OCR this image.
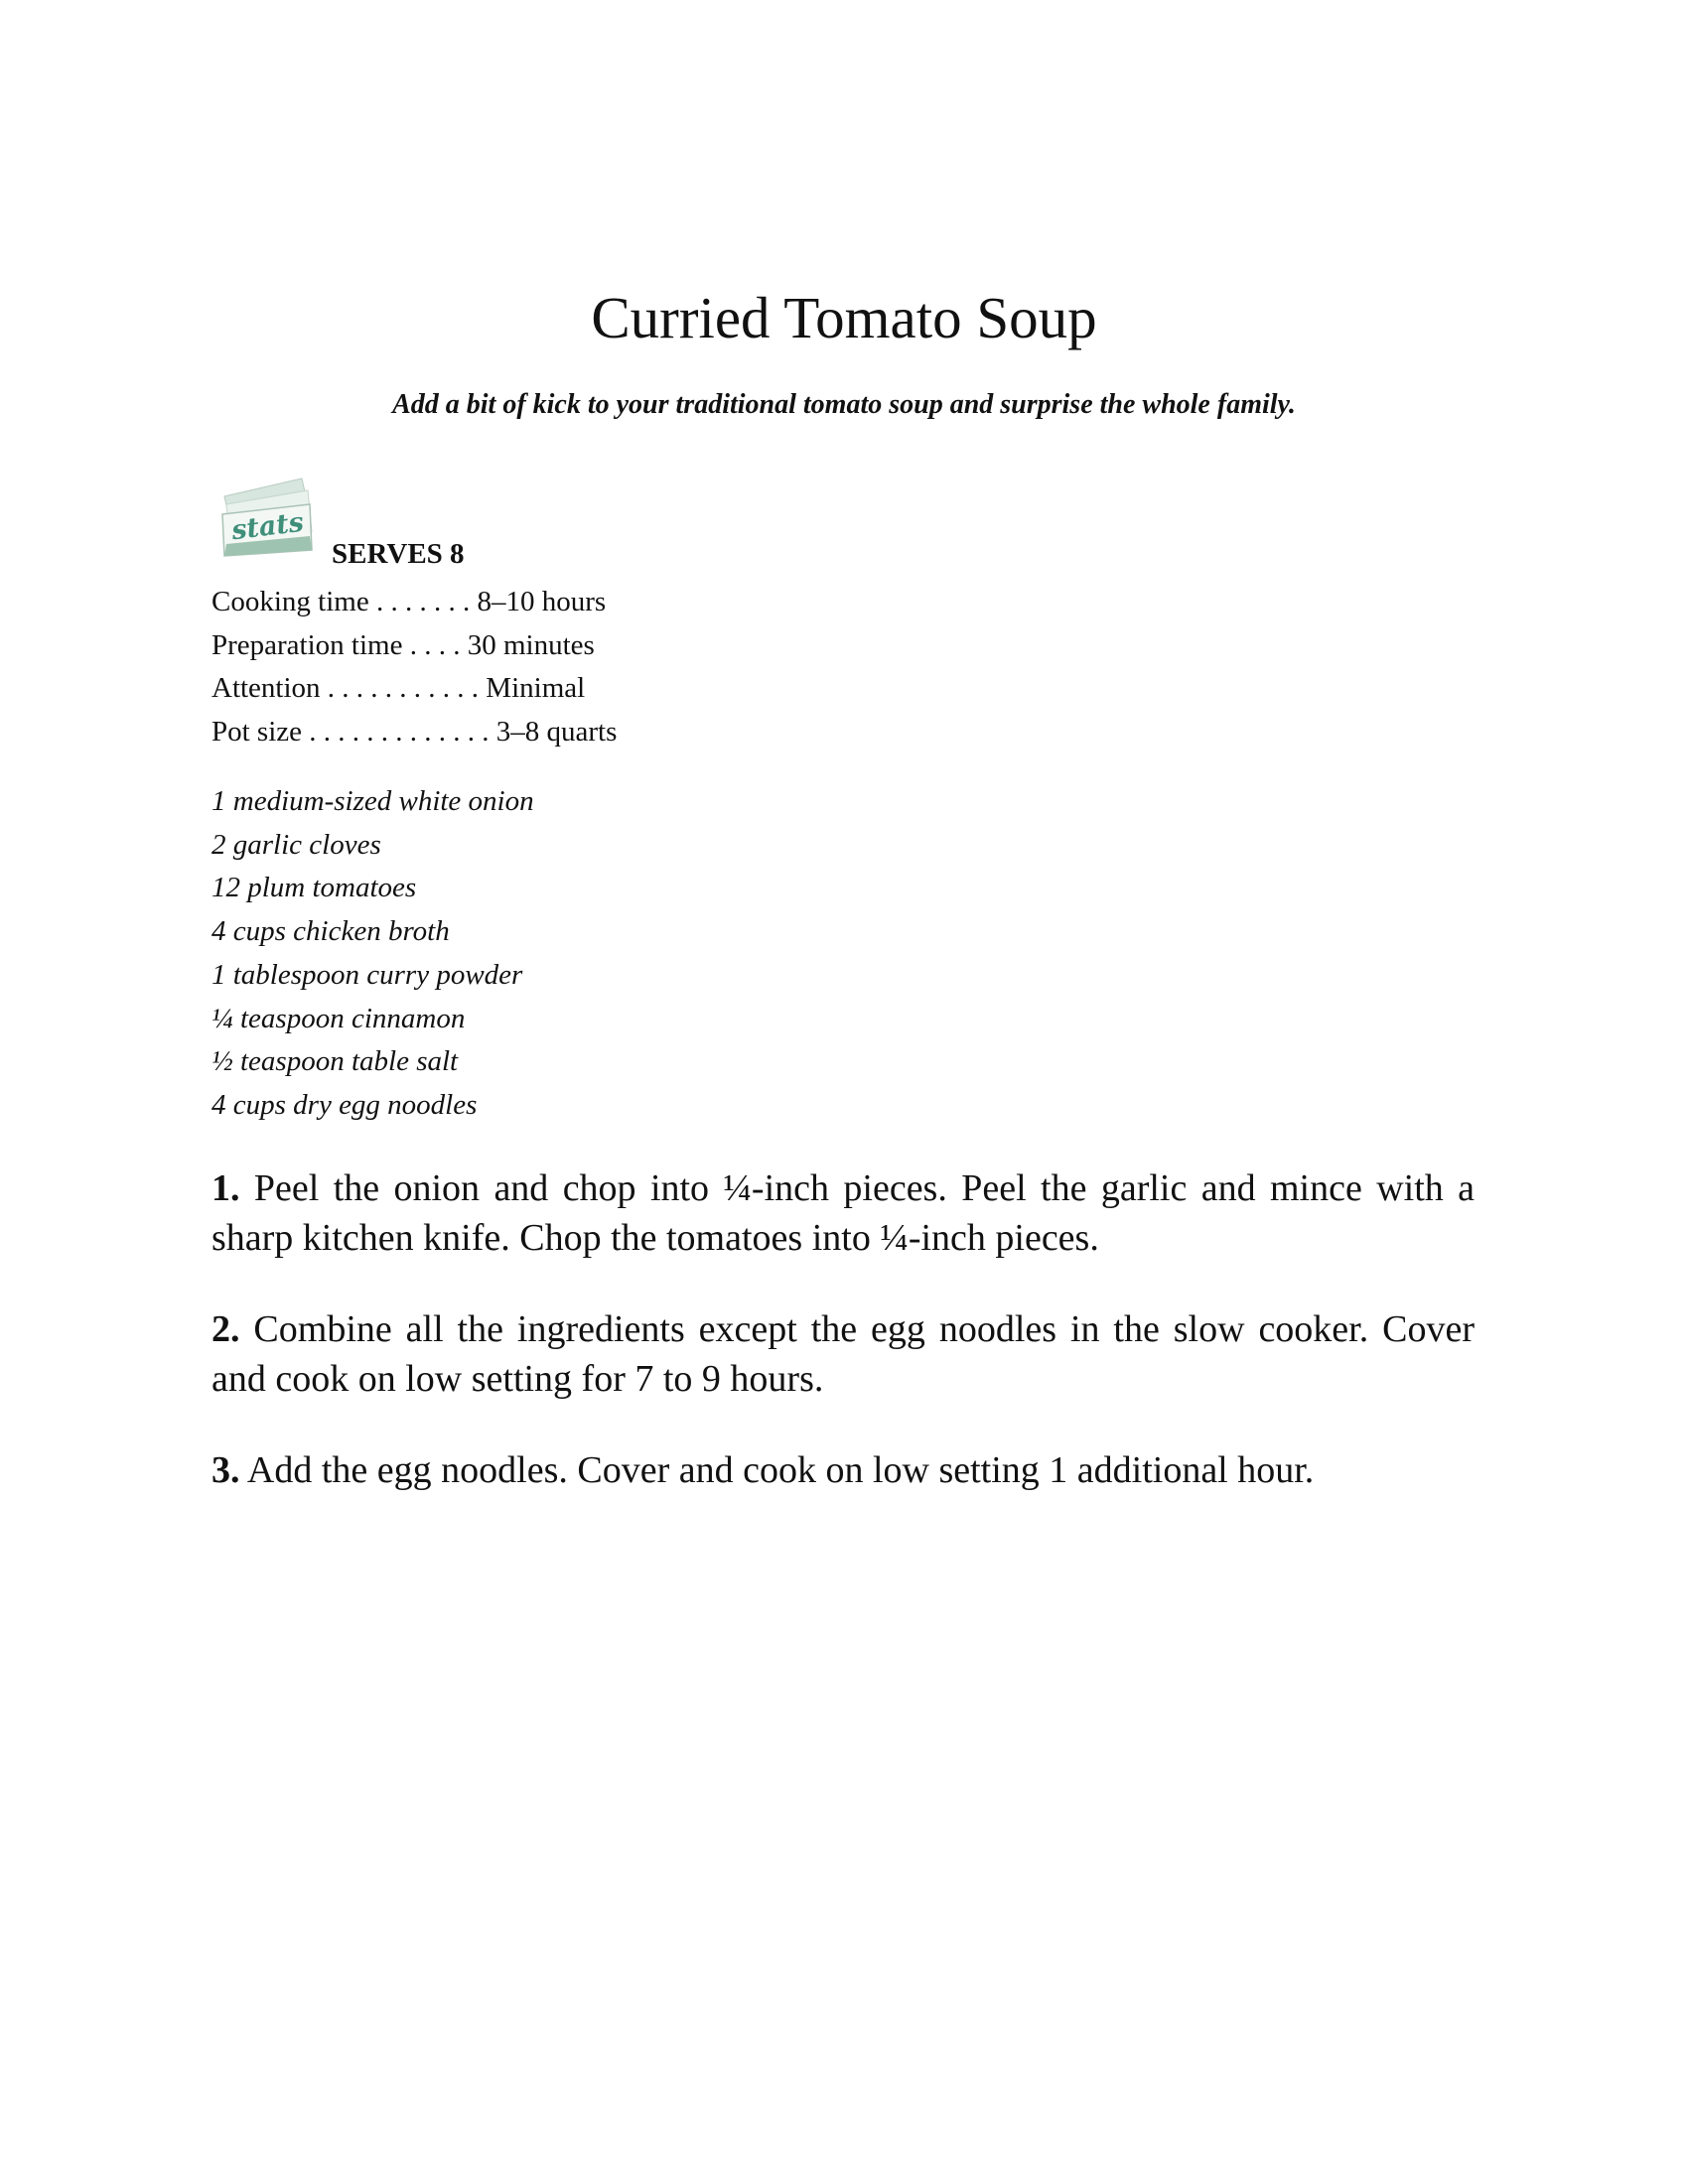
Curried Tomato Soup

Add a bit of kick to your traditional tomato soup and surprise the whole family.

stats
SERVES 8
Cooking time . . . . . . . 8–10 hours
Preparation time . . . . 30 minutes
Attention . . . . . . . . . . . Minimal
Pot size . . . . . . . . . . . . . 3–8 quarts
1 medium-sized white onion
2 garlic cloves
12 plum tomatoes
4 cups chicken broth
1 tablespoon curry powder
¼ teaspoon cinnamon
½ teaspoon table salt
4 cups dry egg noodles

1. Peel the onion and chop into ¼-inch pieces. Peel the garlic and mince with a sharp kitchen knife. Chop the tomatoes into ¼-inch pieces.

2. Combine all the ingredients except the egg noodles in the slow cooker. Cover and cook on low setting for 7 to 9 hours.

3. Add the egg noodles. Cover and cook on low setting 1 additional hour.
